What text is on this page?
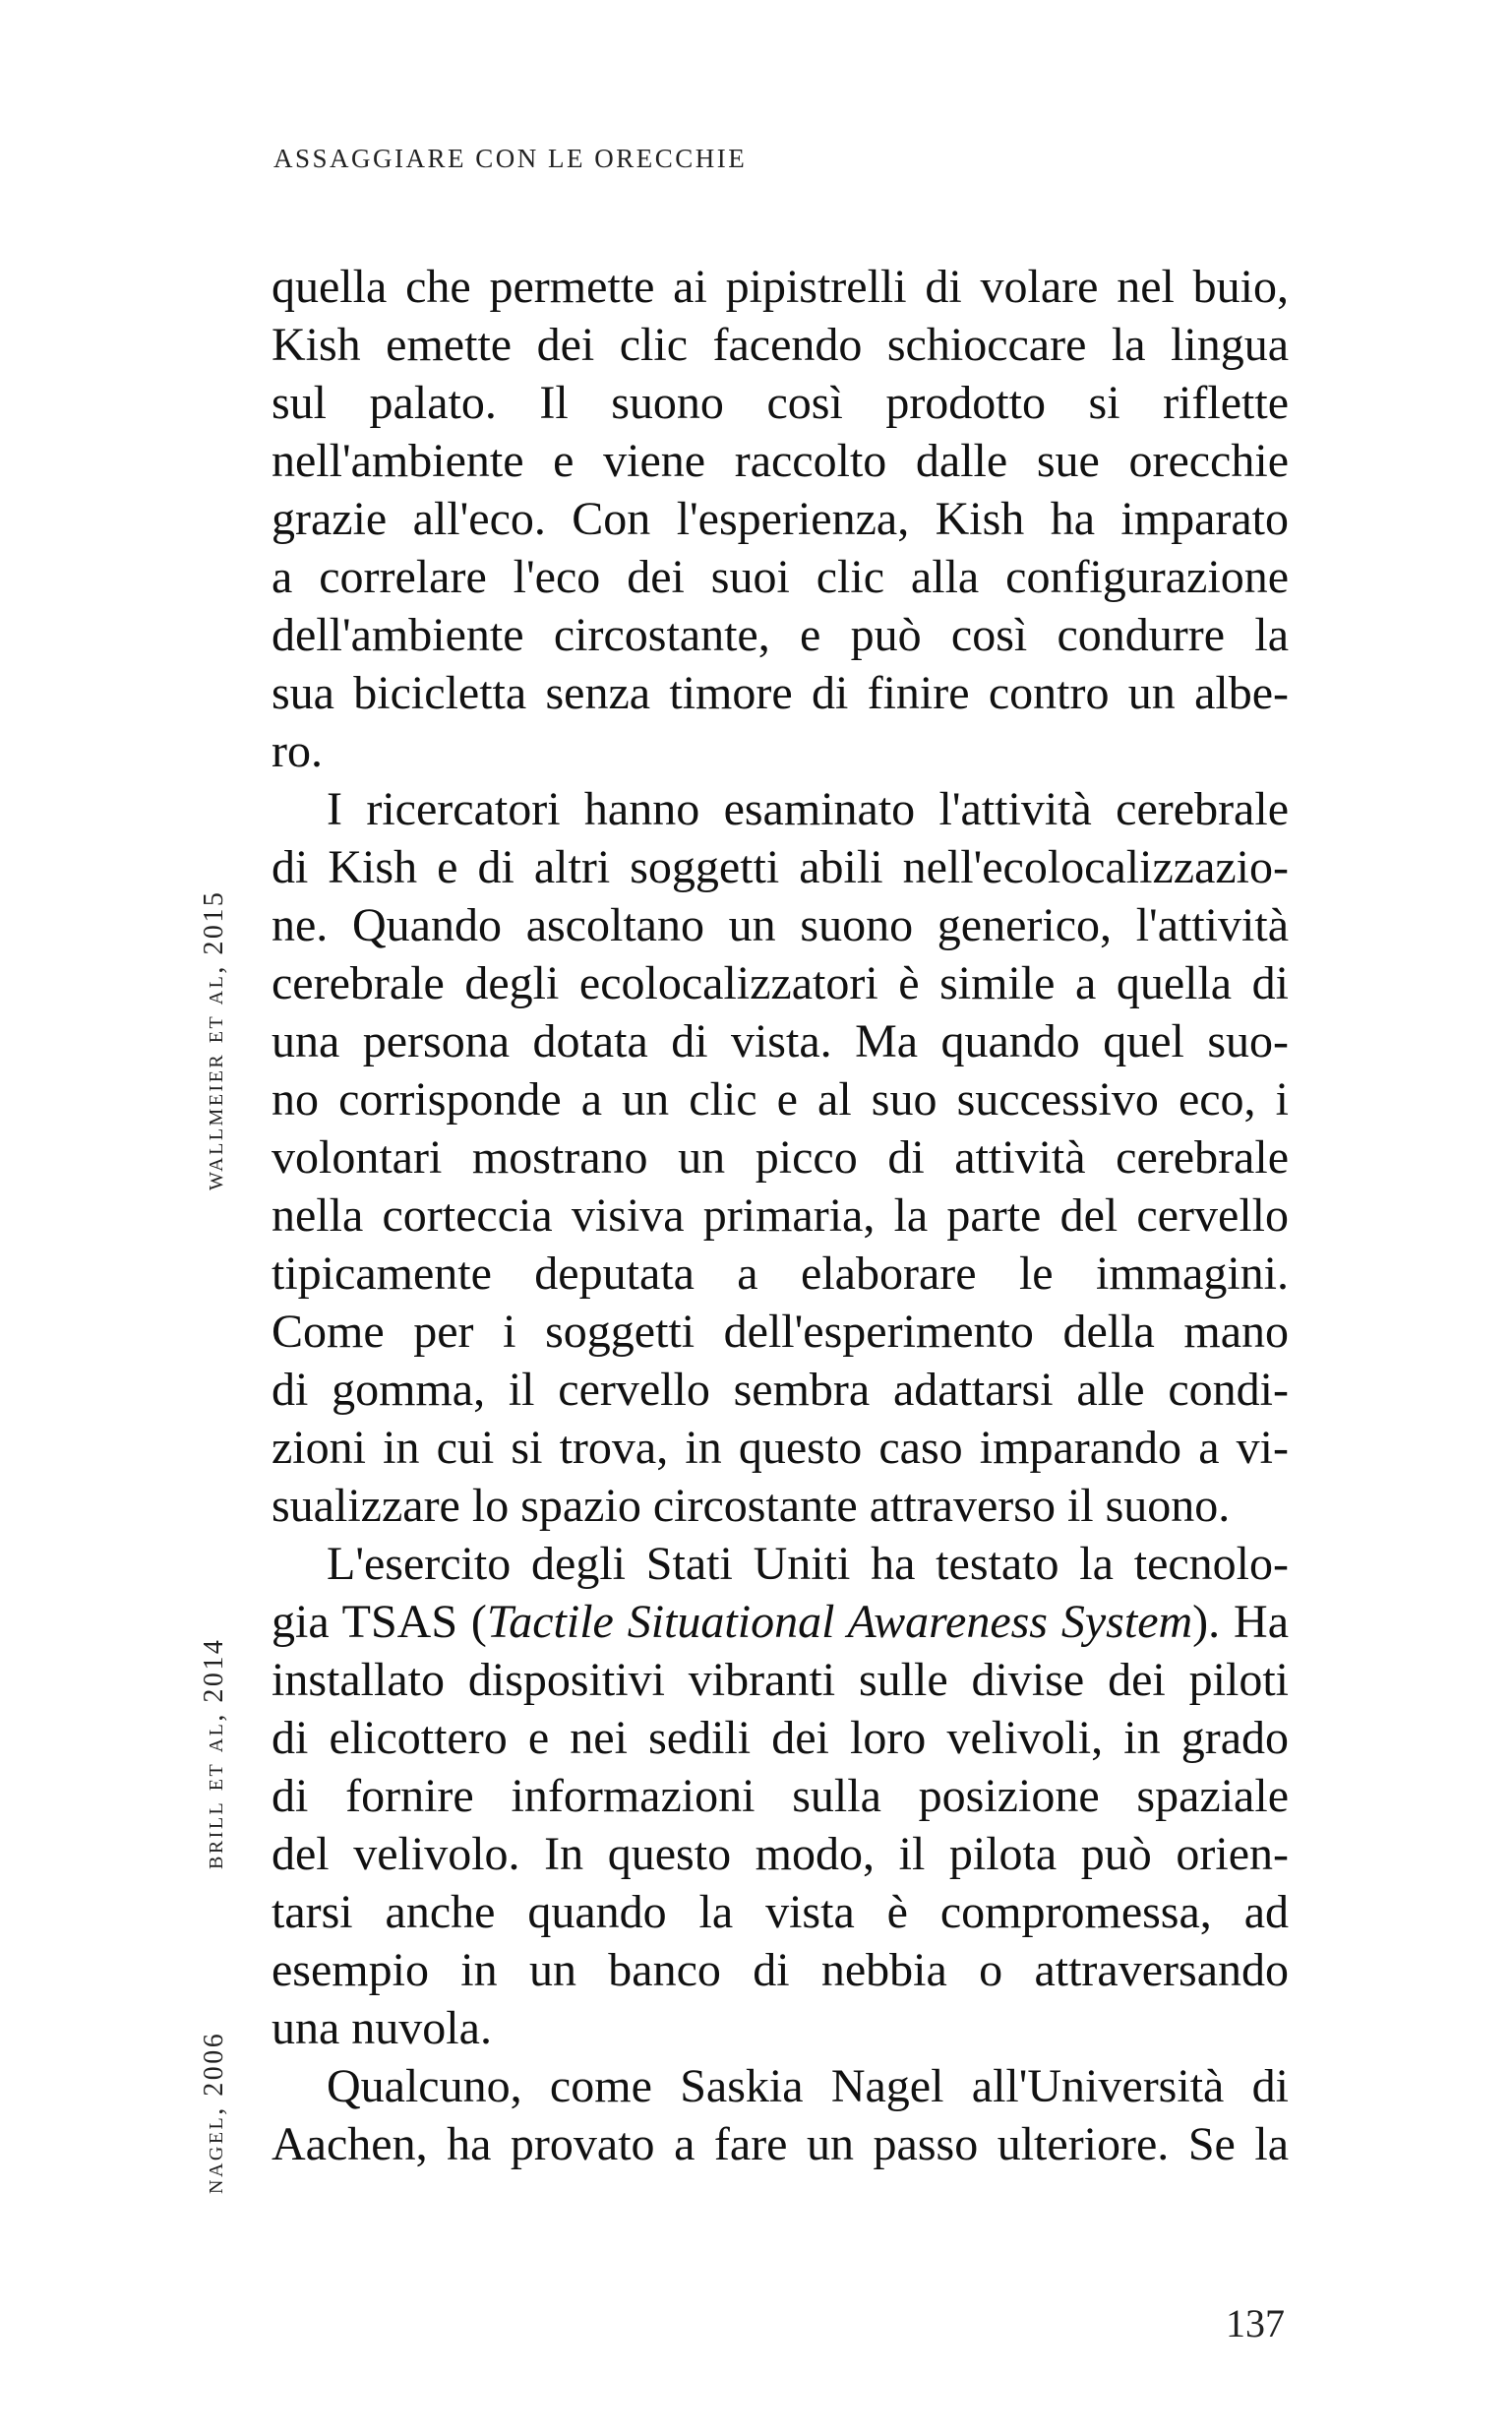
ASSAGGIARE CON LE ORECCHIE
quella che permette ai pipistrelli di volare nel buio,
Kish emette dei clic facendo schioccare la lingua
sul palato. Il suono così prodotto si riflette
nell'ambiente e viene raccolto dalle sue orecchie
grazie all'eco. Con l'esperienza, Kish ha imparato
a correlare l'eco dei suoi clic alla configurazione
dell'ambiente circostante, e può così condurre la
sua bicicletta senza timore di finire contro un albe-
ro.
I ricercatori hanno esaminato l'attività cerebrale
di Kish e di altri soggetti abili nell'ecolocalizzazio-
ne. Quando ascoltano un suono generico, l'attività
cerebrale degli ecolocalizzatori è simile a quella di
una persona dotata di vista. Ma quando quel suo-
no corrisponde a un clic e al suo successivo eco, i
volontari mostrano un picco di attività cerebrale
nella corteccia visiva primaria, la parte del cervello
tipicamente deputata a elaborare le immagini.
Come per i soggetti dell'esperimento della mano
di gomma, il cervello sembra adattarsi alle condi-
zioni in cui si trova, in questo caso imparando a vi-
sualizzare lo spazio circostante attraverso il suono.
L'esercito degli Stati Uniti ha testato la tecnolo-
gia TSAS (Tactile Situational Awareness System). Ha
installato dispositivi vibranti sulle divise dei piloti
di elicottero e nei sedili dei loro velivoli, in grado
di fornire informazioni sulla posizione spaziale
del velivolo. In questo modo, il pilota può orien-
tarsi anche quando la vista è compromessa, ad
esempio in un banco di nebbia o attraversando
una nuvola.
Qualcuno, come Saskia Nagel all'Università di
Aachen, ha provato a fare un passo ulteriore. Se la
wallmeier et al, 2015
brill et al, 2014
nagel, 2006
137
